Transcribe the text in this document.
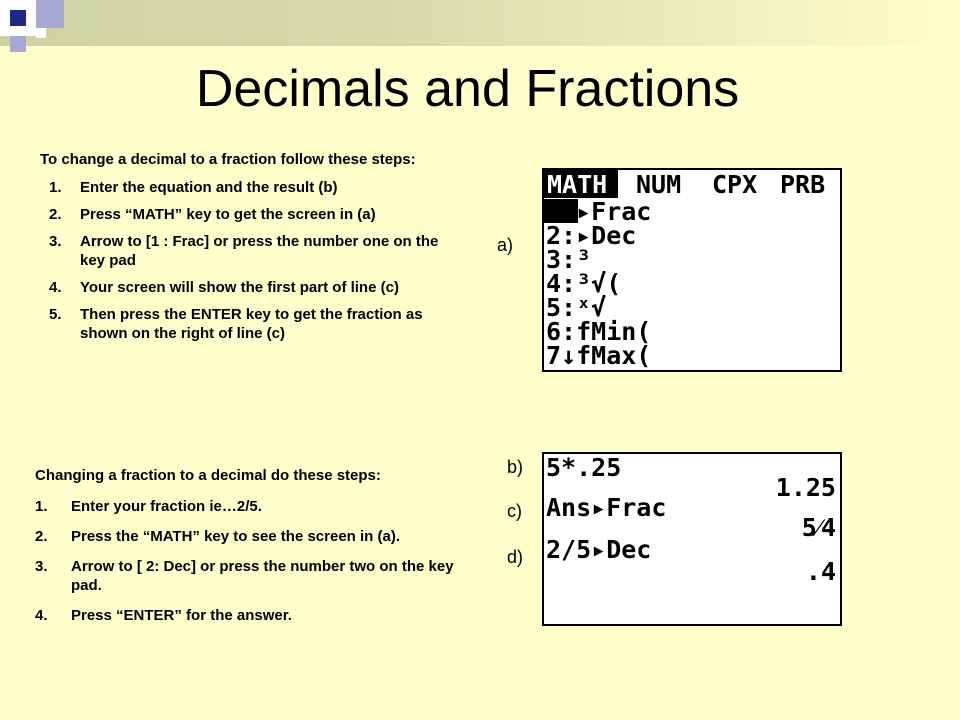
Decimals and Fractions
To change a decimal to a fraction follow these steps:
1. Enter the equation and the result (b)
2. Press “MATH” key to get the screen in (a)
3. Arrow to [1 : Frac] or press the number one on the key pad
4. Your screen will show the first part of line (c)
5. Then press the ENTER key to get the fraction as shown on the right of line (c)
Changing a fraction to a decimal do these steps:
1. Enter your fraction ie…2/5.
2. Press the “MATH” key to see the screen in (a).
3. Arrow to [ 2: Dec] or press the number two on the key pad.
4. Press “ENTER” for the answer.
a)
b)
c)
d)
MATH NUM CPX PRB
1:▸Frac
2:▸Dec
3:³
4:³√(
5:ˣ√
6:fMin(
7↓fMax(
5*.25
1.25
Ans▸Frac
5⁄4
2/5▸Dec
.4
